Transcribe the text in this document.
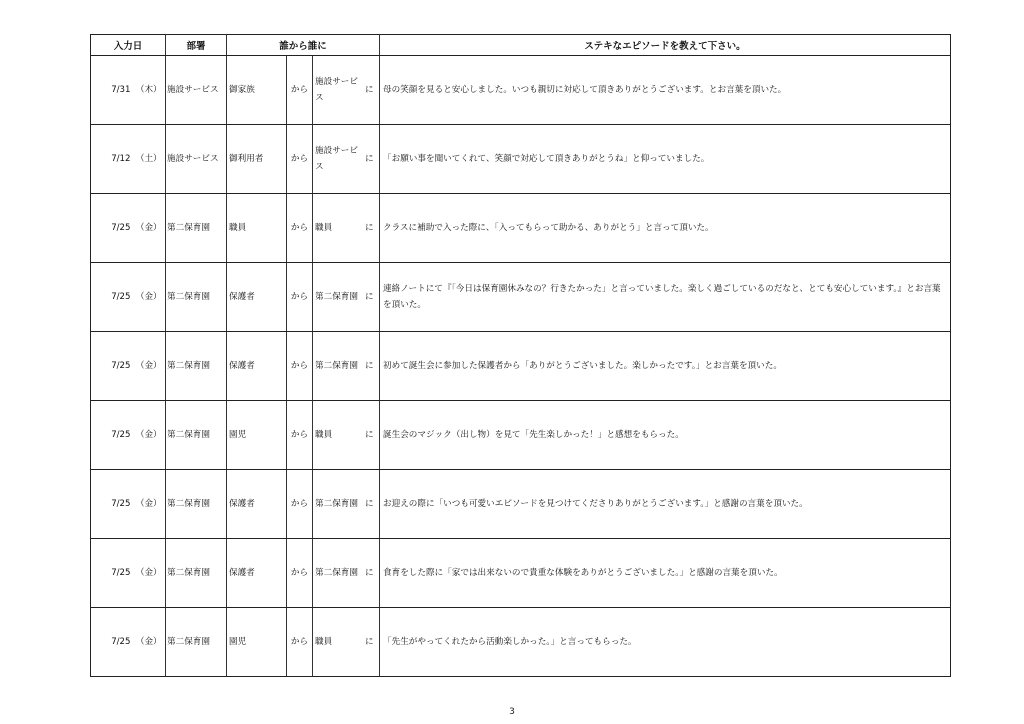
入力日		部署	誰から誰に				ステキなエピソードを教えて下さい。
7/31	（木）	施設サービス	御家族	から	施設サービス	に	母の笑顔を見ると安心しました。いつも親切に対応して頂きありがとうございます。とお言葉を頂いた。
7/12	（土）	施設サービス	御利用者	から	施設サービス	に	「お願い事を聞いてくれて、笑顔で対応して頂きありがとうね」と仰っていました。
7/25	（金）	第二保育園	職員	から	職員	に	クラスに補助で入った際に、「入ってもらって助かる、ありがとう」と言って頂いた。
7/25	（金）	第二保育園	保護者	から	第二保育園	に	連絡ノートにて『「今日は保育園休みなの？行きたかった」と言っていました。楽しく過ごしているのだなと、とても安心しています。』とお言葉を頂いた。
7/25	（金）	第二保育園	保護者	から	第二保育園	に	初めて誕生会に参加した保護者から「ありがとうございました。楽しかったです。」とお言葉を頂いた。
7/25	（金）	第二保育園	園児	から	職員	に	誕生会のマジック（出し物）を見て「先生楽しかった！」と感想をもらった。
7/25	（金）	第二保育園	保護者	から	第二保育園	に	お迎えの際に「いつも可愛いエピソードを見つけてくださりありがとうございます。」と感謝の言葉を頂いた。
7/25	（金）	第二保育園	保護者	から	第二保育園	に	食育をした際に「家では出来ないので貴重な体験をありがとうございました。」と感謝の言葉を頂いた。
7/25	（金）	第二保育園	園児	から	職員	に	「先生がやってくれたから活動楽しかった。」と言ってもらった。
3
